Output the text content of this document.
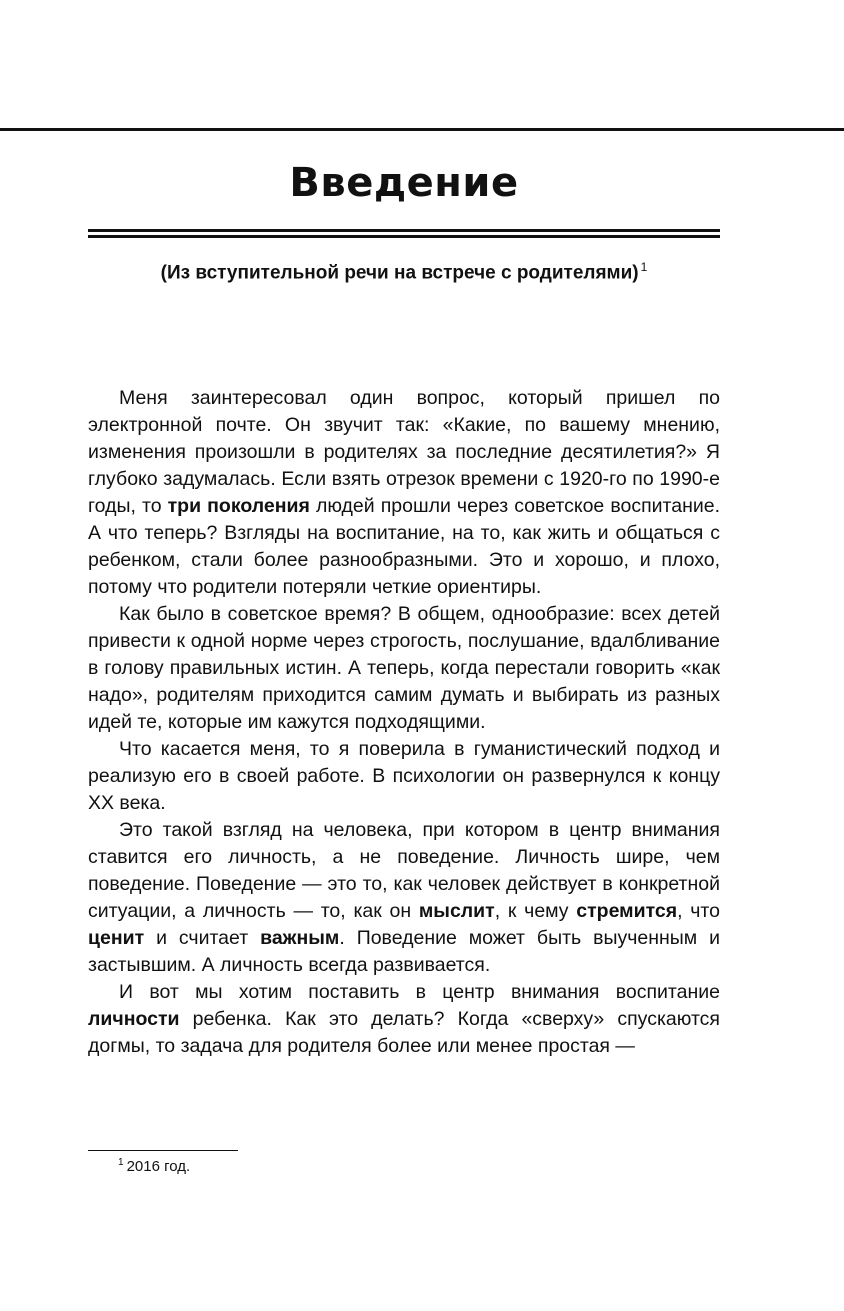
Введение

(Из вступительной речи на встрече с родителями) $^1$

Меня заинтересовал один вопрос, который пришел по электронной почте. Он звучит так: «Какие, по вашему мнению, изменения произошли в родителях за последние десятилетия?» Я глубоко задумалась. Если взять отрезок времени с 1920-го по 1990-е годы, то три поколения людей прошли через советское воспитание. А что теперь? Взгляды на воспитание, на то, как жить и общаться с ребенком, стали более разнообразными. Это и хорошо, и плохо, потому что родители потеряли четкие ориентиры.

Как было в советское время? В общем, однообразие: всех детей привести к одной норме через строгость, послушание, вдалбливание в голову правильных истин. А теперь, когда перестали говорить «как надо», родителям приходится самим думать и выбирать из разных идей те, которые им кажутся подходящими.

Что касается меня, то я поверила в гуманистический подход и реализую его в своей работе. В психологии он развернулся к концу XX века.

Это такой взгляд на человека, при котором в центр внимания ставится его личность, а не поведение. Личность шире, чем поведение. Поведение — это то, как человек действует в конкретной ситуации, а личность — то, как он мыслит, к чему стремится, что ценит и считает важным. Поведение может быть выученным и застывшим. А личность всегда развивается.

И вот мы хотим поставить в центр внимания воспитание личности ребенка. Как это делать? Когда «сверху» спускаются догмы, то задача для родителя более или менее простая —

$^1$ 2016 год.
